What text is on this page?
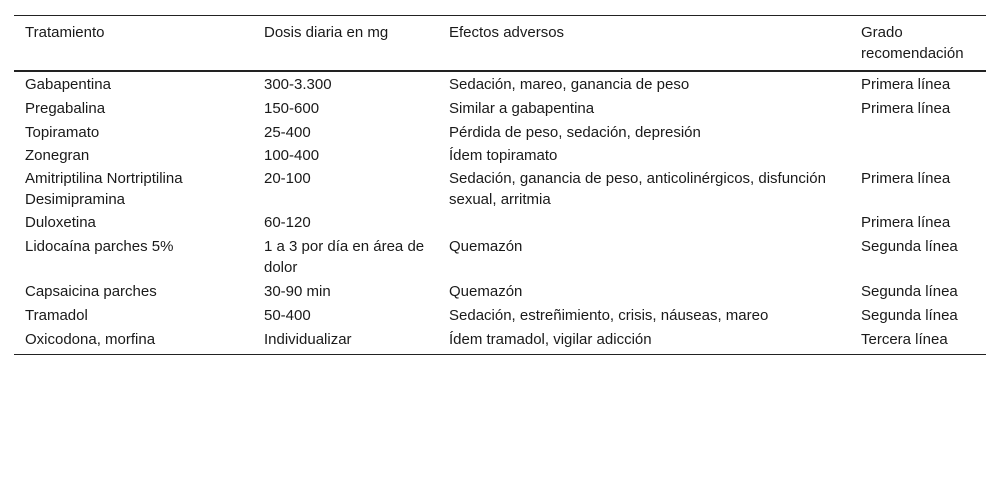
Tratamiento	Dosis diaria en mg	Efectos adversos	Grado recomendación
Gabapentina	300-3.300	Sedación, mareo, ganancia de peso	Primera línea
Pregabalina	150-600	Similar a gabapentina	Primera línea
Topiramato	25-400	Pérdida de peso, sedación, depresión	
Zonegran	100-400	Ídem topiramato	
Amitriptilina Nortriptilina Desimipramina	20-100	Sedación, ganancia de peso, anticolinérgicos, disfunción sexual, arritmia	Primera línea
Duloxetina	60-120		Primera línea
Lidocaína parches 5%	1 a 3 por día en área de dolor	Quemazón	Segunda línea
Capsaicina parches	30-90 min	Quemazón	Segunda línea
Tramadol	50-400	Sedación, estreñimiento, crisis, náuseas, mareo	Segunda línea
Oxicodona, morfina	Individualizar	Ídem tramadol, vigilar adicción	Tercera línea
